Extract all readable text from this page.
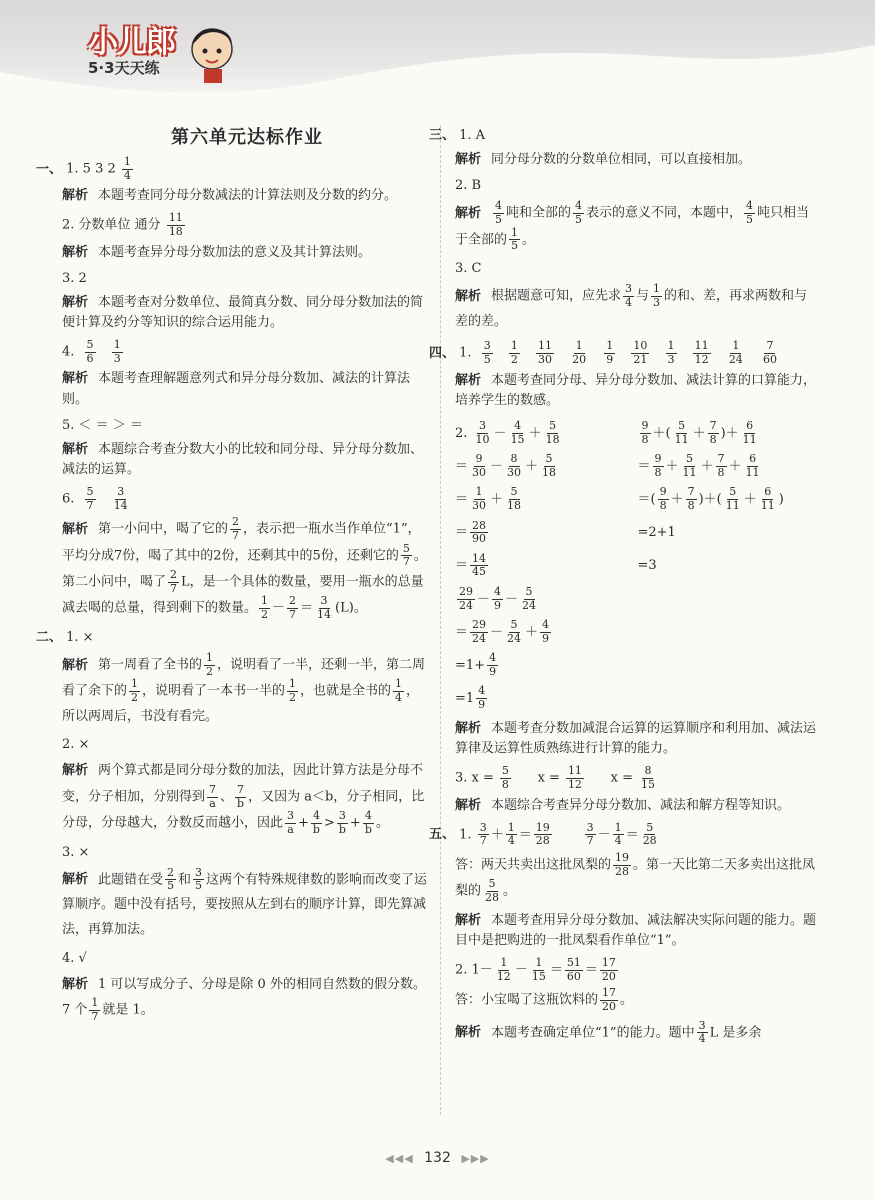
小儿郎
5·3天天练
第六单元达标作业
一、 1. 5 3 $2 \frac{1}{4}$
解析 本题考查同分母分数减法的计算法则及分数的约分。
2. 分数单位 通分 $\frac{11}{18}$
解析 本题考查异分母分数加法的意义及其计算法则。
3. 2
解析 本题考查对分数单位、最简真分数、同分母分数加法的简便计算及约分等知识的综合运用能力。
4. $\frac{5}{6}$
$\frac{1}{3}$
解析 本题考查理解题意列式和异分母分数加、减法的计算法则。
5. ＜ ＝ ＞ ＝
解析 本题综合考查分数大小的比较和同分母、异分母分数加、减法的运算。
6. $\frac{5}{7}$
$\frac{3}{14}$
解析 第一小问中，喝了它的 $\frac{2}{7}$ ，表示把一瓶水当作单位“1”，平均分成7份，喝了其中的2份，还剩其中的5份，还剩它的 $\frac{5}{7}$ 。第二小问中，喝了 $\frac{2}{7}$ L，是一个具体的数量，要用一瓶水的总量减去喝的总量，得到剩下的数量。 $\frac{1}{2} - \frac{2}{7} = \frac{3}{14} (L)$。
二、 1. ×
解析 第一周看了全书的 $\frac{1}{2}$ ，说明看了一半，还剩一半，第二周看了余下的 $\frac{1}{2}$ ，说明看了一本书一半的 $\frac{1}{2}$ ，也就是全书的 $\frac{1}{4}$ ，所以两周后，书没有看完。
2. ×
解析 两个算式都是同分母分数的加法，因此计算方法是分母不变，分子相加，分别得到 $\frac{7}{a}$ 、 $\frac{7}{b}$ ，又因为 a＜b，分子相同，比分母，分母越大，分数反而越小，因此 $\frac{3}{a} + \frac{4}{b} > \frac{3}{b} + \frac{4}{b}$ 。
3. ×
解析 此题错在受 $\frac{2}{5}$ 和 $\frac{3}{5}$ 这两个有特殊规律数的影响而改变了运算顺序。题中没有括号，要按照从左到右的顺序计算，即先算减法，再算加法。
4. √
解析 1 可以写成分子、分母是除 0 外的相同自然数的假分数。7 个 $\frac{1}{7}$ 就是 1。
三、 1. A
解析 同分母分数的分数单位相同，可以直接相加。
2. B
解析 $\frac{4}{5}$ 吨和全部的 $\frac{4}{5}$ 表示的意义不同，本题中， $\frac{4}{5}$ 吨只相当于全部的 $\frac{1}{5}$ 。
3. C
解析 根据题意可知，应先求 $\frac{3}{4}$ 与 $\frac{1}{3}$ 的和、差，再求两数和与差的差。
四、 1. $\frac{3}{5}$
$\frac{1}{2}$
$\frac{11}{30}$
$\frac{1}{20}$
$\frac{1}{9}$
$\frac{10}{21}$
$\frac{1}{3}$
$\frac{11}{12}$
$\frac{1}{24}$
$\frac{7}{60}$
解析 本题考查同分母、异分母分数加、减法计算的口算能力，培养学生的数感。
2. $\frac{3}{10} - \frac{4}{15} + \frac{5}{18}$
＝ $\frac{9}{30} - \frac{8}{30} + \frac{5}{18}$
＝ $\frac{1}{30} + \frac{5}{18}$
＝ $\frac{28}{90}$
＝ $\frac{14}{45}$
$\frac{29}{24} - \frac{4}{9} - \frac{5}{24}$
＝ $\frac{29}{24} - \frac{5}{24} + \frac{4}{9}$
$=1+ \frac{4}{9}$
$=1 \frac{4}{9}$
$\frac{9}{8}$ ＋( $\frac{5}{11} + \frac{7}{8}$ )＋ $\frac{6}{11}$
＝ $\frac{9}{8} + \frac{5}{11} + \frac{7}{8} + \frac{6}{11}$
＝( $\frac{9}{8} + \frac{7}{8}$ )＋( $\frac{5}{11} + \frac{6}{11}$ )
=2+1
=3
解析 本题考查分数加减混合运算的运算顺序和利用加、减法运算律及运算性质熟练进行计算的能力。
3. $x = \frac{5}{8}$ $x = \frac{11}{12}$ $x = \frac{8}{15}$
解析 本题综合考查异分母分数加、减法和解方程等知识。
五、 1. $\frac{3}{7} + \frac{1}{4} = \frac{19}{28}$
	$\frac{3}{7} - \frac{1}{4} = \frac{5}{28}$
答：两天共卖出这批凤梨的 $\frac{19}{28}$ 。第一天比第二天多卖出这批凤梨的 $\frac{5}{28}$ 。
解析 本题考查用异分母分数加、减法解决实际问题的能力。题目中是把购进的一批凤梨看作单位“1”。
2. $1- \frac{1}{12} - \frac{1}{15} = \frac{51}{60} = \frac{17}{20}$
答：小宝喝了这瓶饮料的 $\frac{17}{20}$ 。
解析 本题考查确定单位“1”的能力。题中 $\frac{3}{4}$ L 是多余
◀◀◀ 132 ▶▶▶
